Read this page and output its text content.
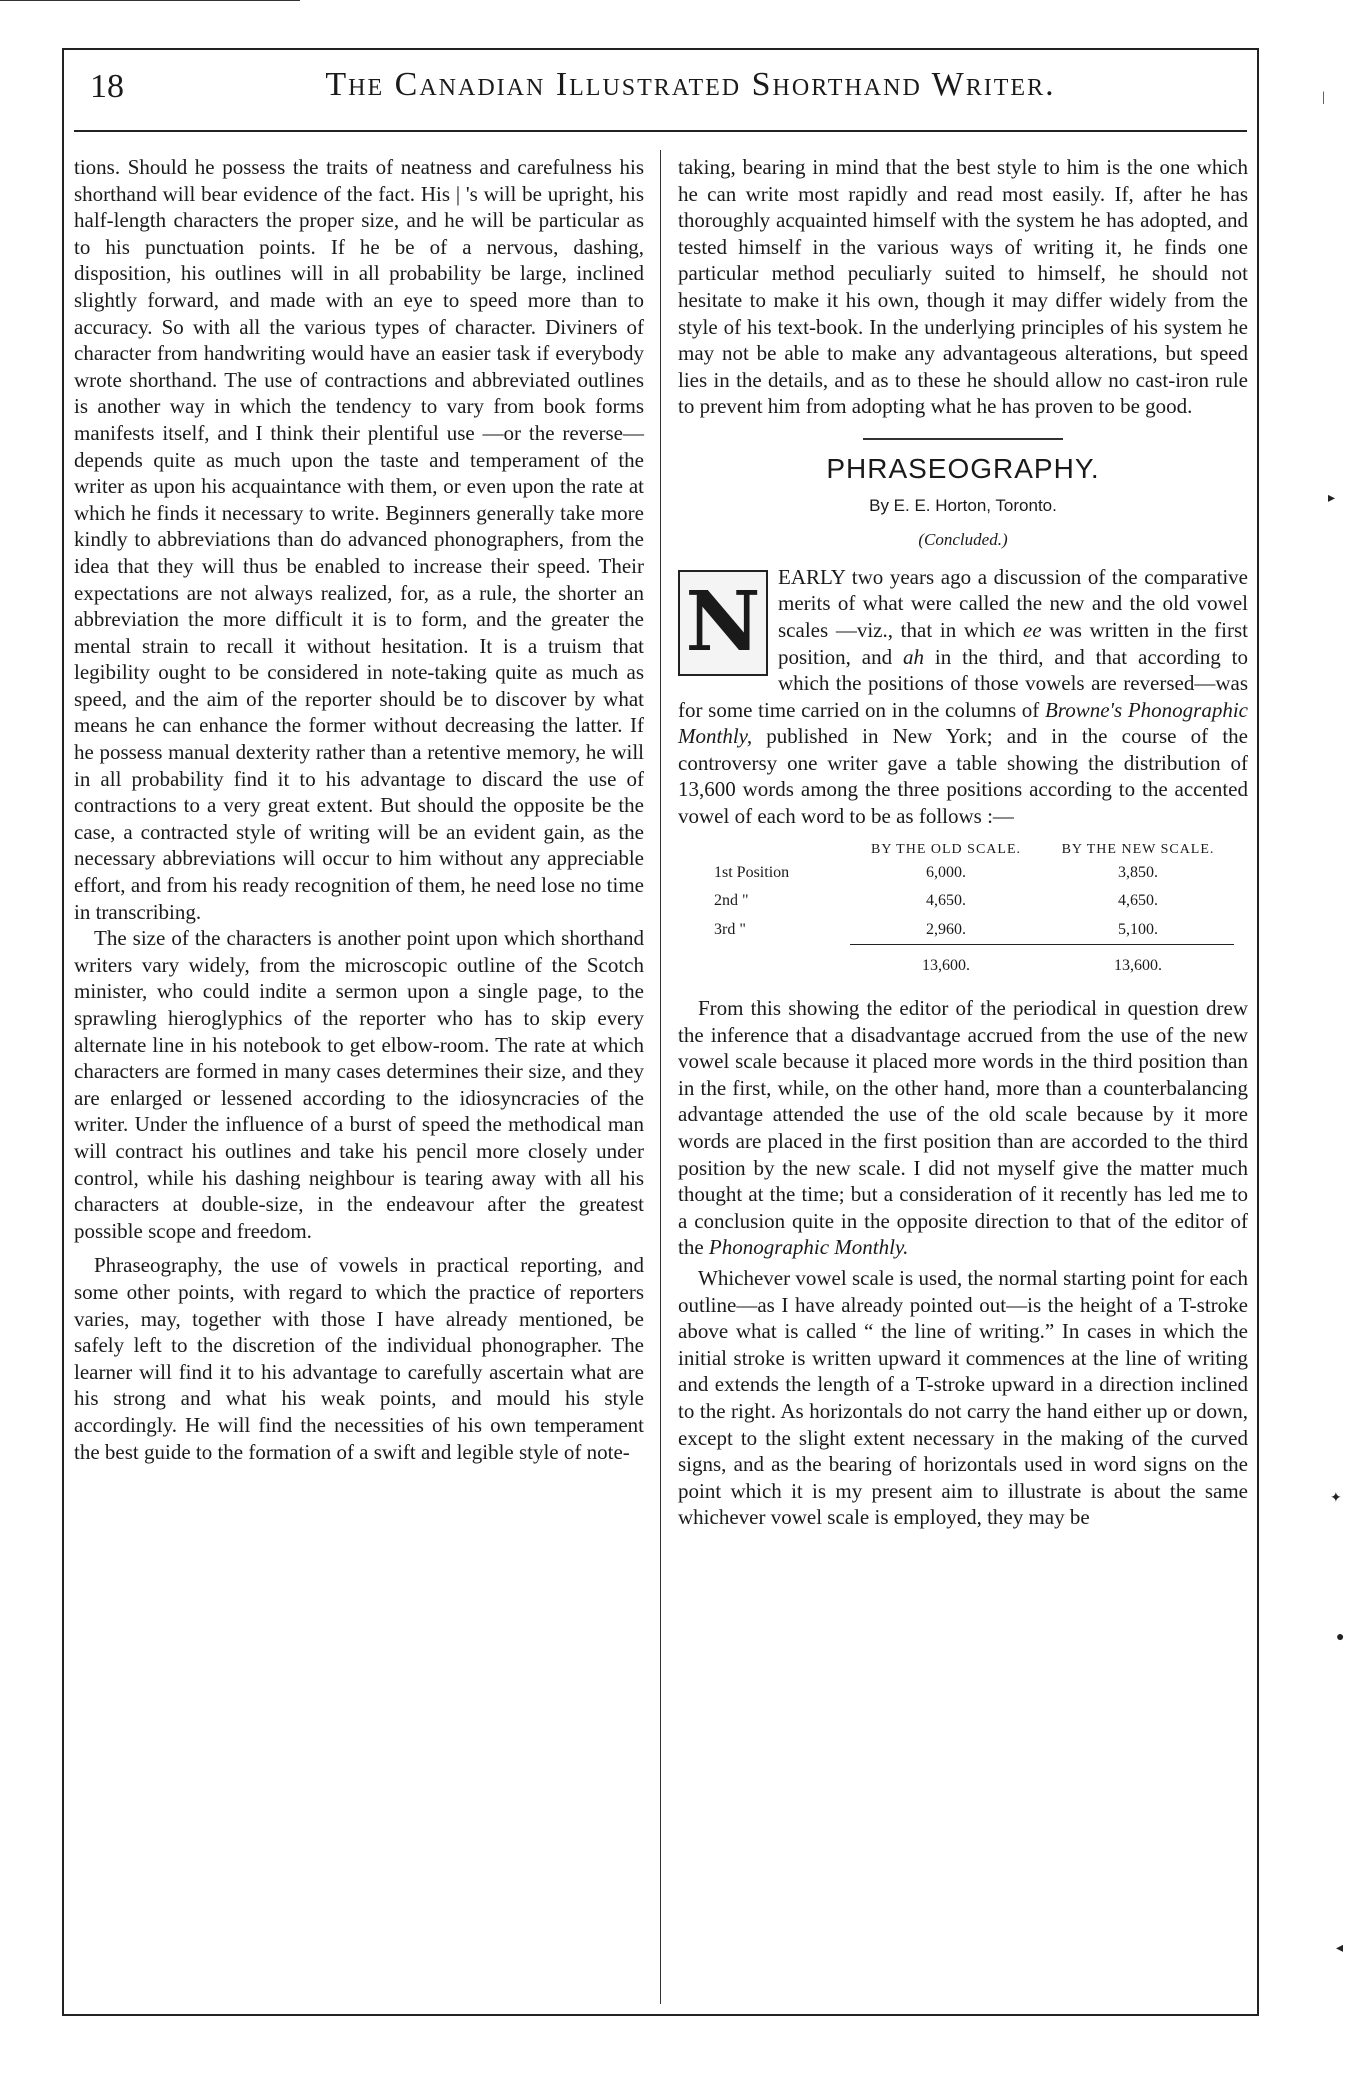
18	The Canadian Illustrated Shorthand Writer.

tions. Should he possess the traits of neatness and carefulness his shorthand will bear evidence of the fact. His | 's will be upright, his half-length characters the proper size, and he will be particular as to his punctuation points. If he be of a nervous, dashing, disposition, his outlines will in all probability be large, inclined slightly forward, and made with an eye to speed more than to accuracy. So with all the various types of character. Diviners of character from handwriting would have an easier task if everybody wrote shorthand. The use of contractions and abbreviated outlines is another way in which the tendency to vary from book forms manifests itself, and I think their plentiful use —or the reverse—depends quite as much upon the taste and temperament of the writer as upon his acquaintance with them, or even upon the rate at which he finds it necessary to write. Beginners generally take more kindly to abbreviations than do advanced phonographers, from the idea that they will thus be enabled to increase their speed. Their expectations are not always realized, for, as a rule, the shorter an abbreviation the more difficult it is to form, and the greater the mental strain to recall it without hesitation. It is a truism that legibility ought to be considered in note-taking quite as much as speed, and the aim of the reporter should be to discover by what means he can enhance the former without decreasing the latter. If he possess manual dexterity rather than a retentive memory, he will in all probability find it to his advantage to discard the use of contractions to a very great extent. But should the opposite be the case, a contracted style of writing will be an evident gain, as the necessary abbreviations will occur to him without any appreciable effort, and from his ready recognition of them, he need lose no time in transcribing.

The size of the characters is another point upon which shorthand writers vary widely, from the microscopic outline of the Scotch minister, who could indite a sermon upon a single page, to the sprawling hieroglyphics of the reporter who has to skip every alternate line in his notebook to get elbow-room. The rate at which characters are formed in many cases determines their size, and they are enlarged or lessened according to the idiosyncracies of the writer. Under the influence of a burst of speed the methodical man will contract his outlines and take his pencil more closely under control, while his dashing neighbour is tearing away with all his characters at double-size, in the endeavour after the greatest possible scope and freedom.

Phraseography, the use of vowels in practical reporting, and some other points, with regard to which the practice of reporters varies, may, together with those I have already mentioned, be safely left to the discretion of the individual phonographer. The learner will find it to his advantage to carefully ascertain what are his strong and what his weak points, and mould his style accordingly. He will find the necessities of his own temperament the best guide to the formation of a swift and legible style of note-

taking, bearing in mind that the best style to him is the one which he can write most rapidly and read most easily. If, after he has thoroughly acquainted himself with the system he has adopted, and tested himself in the various ways of writing it, he finds one particular method peculiarly suited to himself, he should not hesitate to make it his own, though it may differ widely from the style of his text-book. In the underlying principles of his system he may not be able to make any advantageous alterations, but speed lies in the details, and as to these he should allow no cast-iron rule to prevent him from adopting what he has proven to be good.

PHRASEOGRAPHY.
By E. E. Horton, Toronto.
(Concluded.)

N EARLY two years ago a discussion of the comparative merits of what were called the new and the old vowel scales —viz., that in which ee was written in the first position, and ah in the third, and that according to which the positions of those vowels are reversed—was for some time carried on in the columns of Browne's Phonographic Monthly, published in New York; and in the course of the controversy one writer gave a table showing the distribution of 13,600 words among the three positions according to the accented vowel of each word to be as follows :—

	BY THE OLD SCALE.	BY THE NEW SCALE.
1st Position	6,000.	3,850.
2nd "	4,650.	4,650.
3rd "	2,960.	5,100.
	13,600.	13,600.

From this showing the editor of the periodical in question drew the inference that a disadvantage accrued from the use of the new vowel scale because it placed more words in the third position than in the first, while, on the other hand, more than a counterbalancing advantage attended the use of the old scale because by it more words are placed in the first position than are accorded to the third position by the new scale. I did not myself give the matter much thought at the time; but a consideration of it recently has led me to a conclusion quite in the opposite direction to that of the editor of the Phonographic Monthly.

Whichever vowel scale is used, the normal starting point for each outline—as I have already pointed out—is the height of a T-stroke above what is called “ the line of writing.” In cases in which the initial stroke is written upward it commences at the line of writing and extends the length of a T-stroke upward in a direction inclined to the right. As horizontals do not carry the hand either up or down, except to the slight extent necessary in the making of the curved signs, and as the bearing of horizontals used in word signs on the point which it is my present aim to illustrate is about the same whichever vowel scale is employed, they may be

|
▸
✦
●
◂
